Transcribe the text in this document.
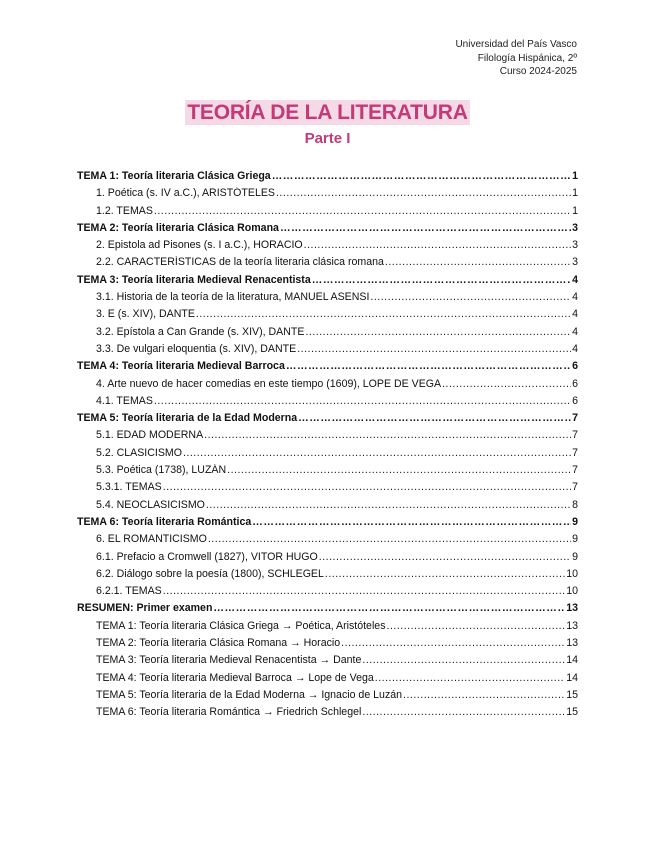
Universidad del País Vasco
Filología Hispánica, 2º
Curso 2024-2025
TEORÍA DE LA LITERATURA
Parte I
TEMA 1: Teoría literaria Clásica Griega …………………………………………………………………………………………………………………………………………………………………………………………………………	1
1. Poética (s. IV a.C.), ARISTÓTELES .....	1
1.2. TEMAS .....	1
TEMA 2: Teoría literaria Clásica Romana …………………………………………………………………………………………………………………………………………………………………………………………………………	3
2. Epistola ad Pisones (s. I a.C.), HORACIO .....	3
2.2. CARACTERÍSTICAS de la teoría literaria clásica romana .....	3
TEMA 3: Teoría literaria Medieval Renacentista …………………………………………………………………………………………………………………………………………………………………………………………………………	4
3.1. Historia de la teoría de la literatura, MANUEL ASENSI .....	4
3. E (s. XIV), DANTE .....	4
3.2. Epístola a Can Grande (s. XIV), DANTE .....	4
3.3. De vulgari eloquentia (s. XIV), DANTE .....	4
TEMA 4: Teoría literaria Medieval Barroca …………………………………………………………………………………………………………………………………………………………………………………………………………	6
4. Arte nuevo de hacer comedias en este tiempo (1609), LOPE DE VEGA .....	6
4.1. TEMAS .....	6
TEMA 5: Teoría literaria de la Edad Moderna …………………………………………………………………………………………………………………………………………………………………………………………………………	7
5.1. EDAD MODERNA .....	7
5.2. CLASICISMO .....	7
5.3. Poética (1738), LUZÁN .....	7
5.3.1. TEMAS .....	7
5.4. NEOCLASICISMO .....	8
TEMA 6: Teoría literaria Romántica …………………………………………………………………………………………………………………………………………………………………………………………………………	9
6. EL ROMANTICISMO .....	9
6.1. Prefacio a Cromwell (1827), VITOR HUGO .....	9
6.2. Diálogo sobre la poesía (1800), SCHLEGEL .....	10
6.2.1. TEMAS .....	10
RESUMEN: Primer examen …………………………………………………………………………………………………………………………………………………………………………………………………………	13
TEMA 1: Teoría literaria Clásica Griega → Poética, Aristóteles .....	13
TEMA 2: Teoría literaria Clásica Romana → Horacio .....	13
TEMA 3: Teoría literaria Medieval Renacentista → Dante .....	14
TEMA 4: Teoría literaria Medieval Barroca → Lope de Vega .....	14
TEMA 5: Teoría literaria de la Edad Moderna → Ignacio de Luzán .....	15
TEMA 6: Teoría literaria Romántica → Friedrich Schlegel .....	15
